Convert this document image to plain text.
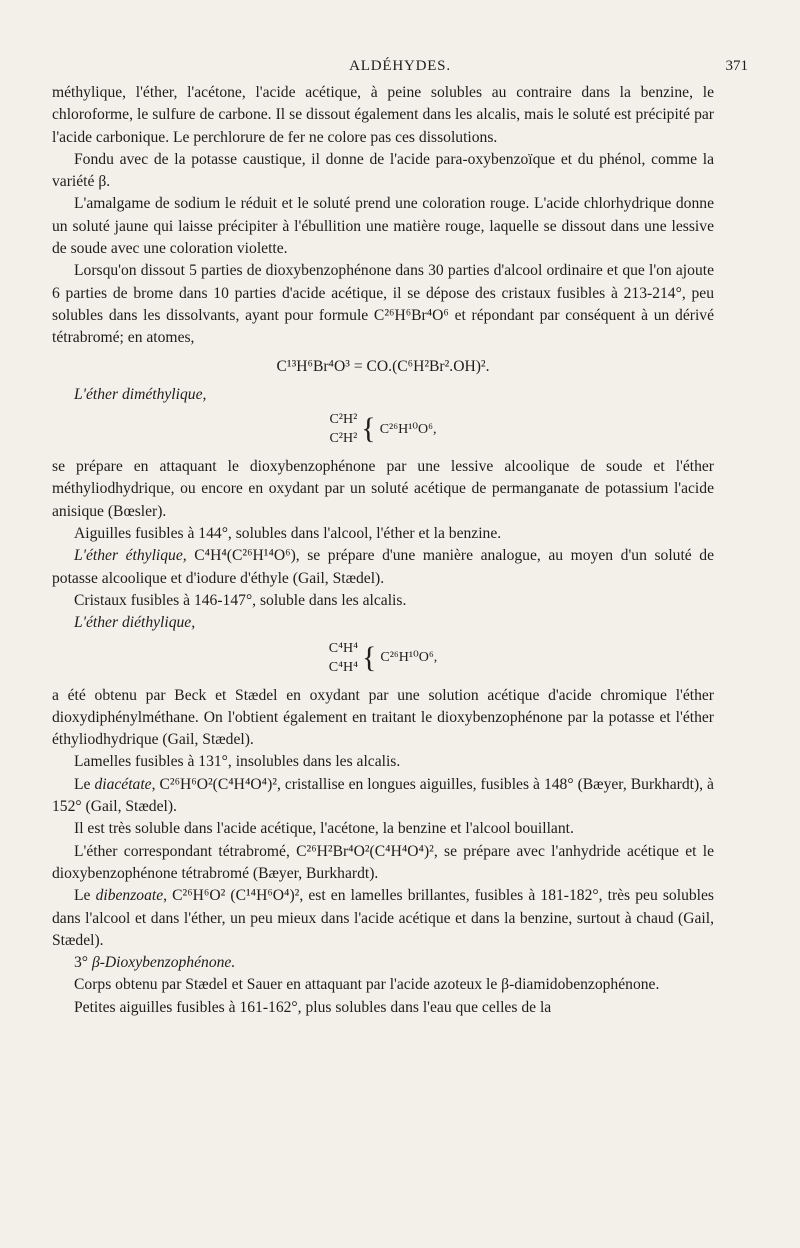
ALDÉHYDES.	371

méthylique, l'éther, l'acétone, l'acide acétique, à peine solubles au contraire dans la benzine, le chloroforme, le sulfure de carbone. Il se dissout également dans les alcalis, mais le soluté est précipité par l'acide carbonique. Le perchlorure de fer ne colore pas ces dissolutions.

Fondu avec de la potasse caustique, il donne de l'acide para-oxybenzoïque et du phénol, comme la variété β.

L'amalgame de sodium le réduit et le soluté prend une coloration rouge. L'acide chlorhydrique donne un soluté jaune qui laisse précipiter à l'ébullition une matière rouge, laquelle se dissout dans une lessive de soude avec une coloration violette.

Lorsqu'on dissout 5 parties de dioxybenzophénone dans 30 parties d'alcool ordinaire et que l'on ajoute 6 parties de brome dans 10 parties d'acide acétique, il se dépose des cristaux fusibles à 213-214°, peu solubles dans les dissolvants, ayant pour formule C²⁶H⁶Br⁴O⁶ et répondant par conséquent à un dérivé tétrabromé; en atomes,

C¹³H⁶Br⁴O³ = CO.(C⁶H²Br².OH)².

L'éther diméthylique,

C²H²
C²H² { C²⁶H¹⁰O⁶,

se prépare en attaquant le dioxybenzophénone par une lessive alcoolique de soude et l'éther méthyliodhydrique, ou encore en oxydant par un soluté acétique de permanganate de potassium l'acide anisique (Bœsler).

Aiguilles fusibles à 144°, solubles dans l'alcool, l'éther et la benzine.

L'éther éthylique, C⁴H⁴(C²⁶H¹⁴O⁶), se prépare d'une manière analogue, au moyen d'un soluté de potasse alcoolique et d'iodure d'éthyle (Gail, Stædel).

Cristaux fusibles à 146-147°, soluble dans les alcalis.

L'éther diéthylique,

C⁴H⁴
C⁴H⁴ { C²⁶H¹⁰O⁶,

a été obtenu par Beck et Stædel en oxydant par une solution acétique d'acide chromique l'éther dioxydiphénylméthane. On l'obtient également en traitant le dioxybenzophénone par la potasse et l'éther éthyliodhydrique (Gail, Stædel).

Lamelles fusibles à 131°, insolubles dans les alcalis.

Le diacétate, C²⁶H⁶O²(C⁴H⁴O⁴)², cristallise en longues aiguilles, fusibles à 148° (Bæyer, Burkhardt), à 152° (Gail, Stædel).

Il est très soluble dans l'acide acétique, l'acétone, la benzine et l'alcool bouillant.

L'éther correspondant tétrabromé, C²⁶H²Br⁴O²(C⁴H⁴O⁴)², se prépare avec l'anhydride acétique et le dioxybenzophénone tétrabromé (Bæyer, Burkhardt).

Le dibenzoate, C²⁶H⁶O² (C¹⁴H⁶O⁴)², est en lamelles brillantes, fusibles à 181-182°, très peu solubles dans l'alcool et dans l'éther, un peu mieux dans l'acide acétique et dans la benzine, surtout à chaud (Gail, Stædel).

3° β-Dioxybenzophénone.

Corps obtenu par Stædel et Sauer en attaquant par l'acide azoteux le β-diamidobenzophénone.

Petites aiguilles fusibles à 161-162°, plus solubles dans l'eau que celles de la
